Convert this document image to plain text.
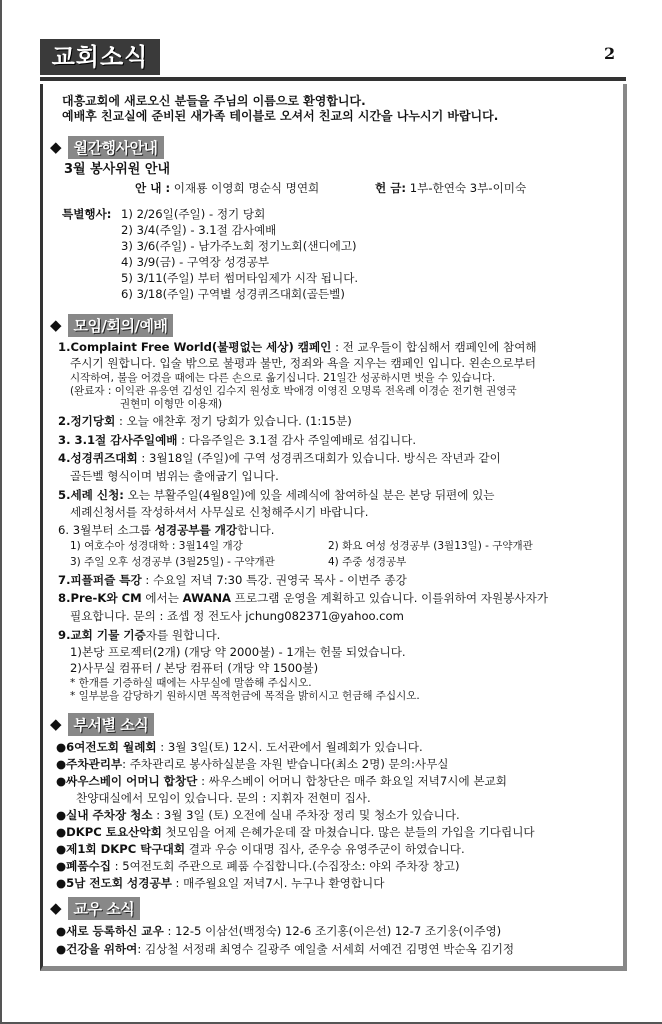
교회소식	2
대흥교회에 새로오신 분들을 주님의 이름으로 환영합니다.
예배후 친교실에 준비된 새가족 테이블로 오셔서 친교의 시간을 나누시기 바랍니다.
◆ 월간행사안내
3월 봉사위원 안내
안 내 : 이재룡 이영희 명순식 명연희	헌 금: 1부-한연숙 3부-이미숙
특별행사: 1) 2/26일(주일) - 정기 당회
2) 3/4(주일) - 3.1절 감사예배
3) 3/6(주일) - 남가주노회 정기노회(샌디에고)
4) 3/9(금) - 구역장 성경공부
5) 3/11(주일) 부터 썸머타임제가 시작 됩니다.
6) 3/18(주일) 구역별 성경퀴즈대회(골든벨)
◆ 모임/회의/예배
1.Complaint Free World(불평없는 세상) 캠페인 : 전 교우들이 합심해서 캠페인에 참여해
주시기 원합니다. 입술 밖으로 불평과 불만, 정죄와 욕을 지우는 캠페인 입니다. 왼손으로부터
시작하여, 불을 어겼을 때에는 다른 손으로 옮기십니다. 21일간 성공하시면 벗을 수 있습니다.
(완료자 : 이익관 유응연 김성인 김수지 원성호 박애경 이영진 오명록 전옥례 이경순 전기현 권영국
권현미 이형만 이용재)
2.정기당회 : 오늘 애찬후 정기 당회가 있습니다. (1:15분)
3. 3.1절 감사주일예배 : 다음주일은 3.1절 감사 주일예배로 섬깁니다.
4.성경퀴즈대회 : 3월18일 (주일)에 구역 성경퀴즈대회가 있습니다. 방식은 작년과 같이
골든벨 형식이며 범위는 출애굽기 입니다.
5.세례 신청: 오는 부활주일(4월8일)에 있을 세례식에 참여하실 분은 본당 뒤편에 있는
세례신청서를 작성하셔서 사무실로 신청해주시기 바랍니다.
6. 3월부터 소그룹 성경공부를 개강합니다.
1) 여호수아 성경대학 : 3월14일 개강	2) 화요 여성 성경공부 (3월13일) - 구약개관
3) 주일 오후 성경공부 (3월25일) - 구약개관	4) 주중 성경공부
7.피플퍼즐 특강 : 수요일 저녁 7:30 특강. 권영국 목사 - 이번주 종강
8.Pre-K와 CM 에서는 AWANA 프로그램 운영을 계획하고 있습니다. 이를위하여 자원봉사자가
필요합니다. 문의 : 죠셉 정 전도사 jchung082371@yahoo.com
9.교회 기물 기증자를 원합니다.
1)본당 프로젝터(2개) (개당 약 2000불) - 1개는 헌물 되었습니다.
2)사무실 컴퓨터 / 본당 컴퓨터 (개당 약 1500불)
* 한개를 기증하실 때에는 사무실에 말씀해 주십시오.
* 일부분을 감당하기 원하시면 목적헌금에 목적을 밝히시고 헌금해 주십시오.
◆ 부서별 소식
●6여전도회 월례회 : 3월 3일(토) 12시. 도서관에서 월례회가 있습니다.
●주차관리부: 주차관리로 봉사하실분을 자원 받습니다(최소 2명) 문의:사무실
●싸우스베이 어머니 합창단 : 싸우스베이 어머니 합창단은 매주 화요일 저녁7시에 본교회
찬양대실에서 모임이 있습니다. 문의 : 지휘자 전현미 집사.
●실내 주차장 청소 : 3월 3일 (토) 오전에 실내 주차장 정리 및 청소가 있습니다.
●DKPC 토요산악회 첫모임을 어제 은혜가운데 잘 마쳤습니다. 많은 분들의 가입을 기다립니다
●제1회 DKPC 탁구대회 결과 우승 이대명 집사, 준우승 유영주군이 하였습니다.
●폐품수집 : 5여전도회 주관으로 폐품 수집합니다.(수집장소: 야외 주차장 창고)
●5남 전도회 성경공부 : 매주월요일 저녁7시. 누구나 환영합니다
◆ 교우 소식
●새로 등록하신 교우 : 12-5 이삼선(백정숙) 12-6 조기홍(이은선) 12-7 조기웅(이주영)
●건강을 위하여: 김상철 서정래 최영수 길광주 예일출 서세희 서예건 김명연 박순옥 김기정
